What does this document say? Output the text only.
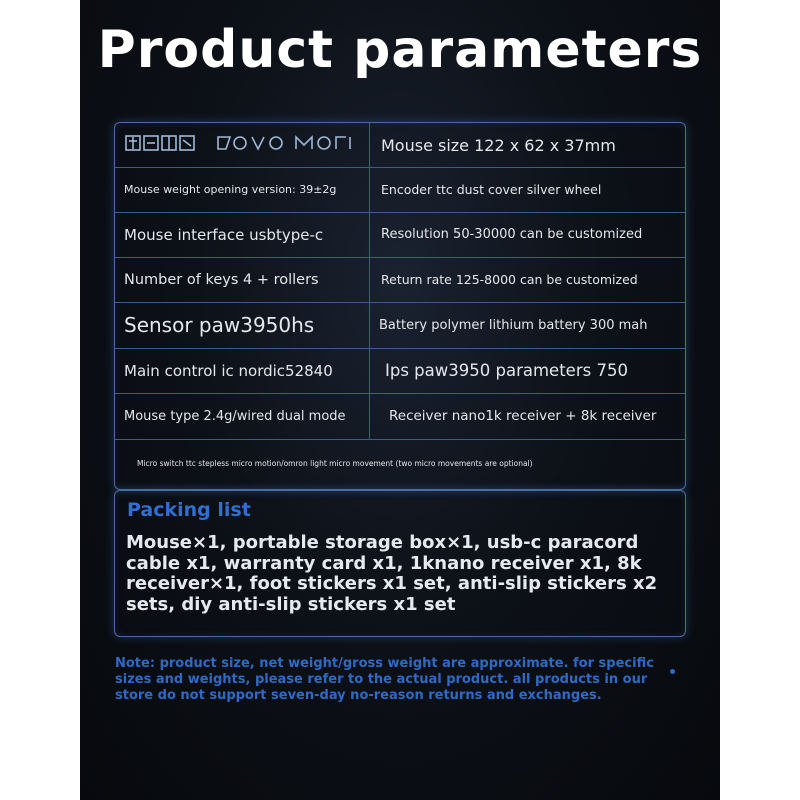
Product parameters
Mouse size 122 x 62 x 37mm
Mouse weight opening version: 39±2g	Encoder ttc dust cover silver wheel
Mouse interface usbtype-c	Resolution 50-30000 can be customized
Number of keys 4 + rollers	Return rate 125-8000 can be customized
Sensor paw3950hs	Battery polymer lithium battery 300 mah
Main control ic nordic52840	Ips paw3950 parameters 750
Mouse type 2.4g/wired dual mode	Receiver nano1k receiver + 8k receiver
Micro switch ttc stepless micro motion/omron light micro movement (two micro movements are optional)
Packing list
Mouse×1, portable storage box×1, usb-c paracord cable x1, warranty card x1, 1knano receiver x1, 8k receiver×1, foot stickers x1 set, anti-slip stickers x2 sets, diy anti-slip stickers x1 set
Note: product size, net weight/gross weight are approximate. for specific sizes and weights, please refer to the actual product. all products in our store do not support seven-day no-reason returns and exchanges.
